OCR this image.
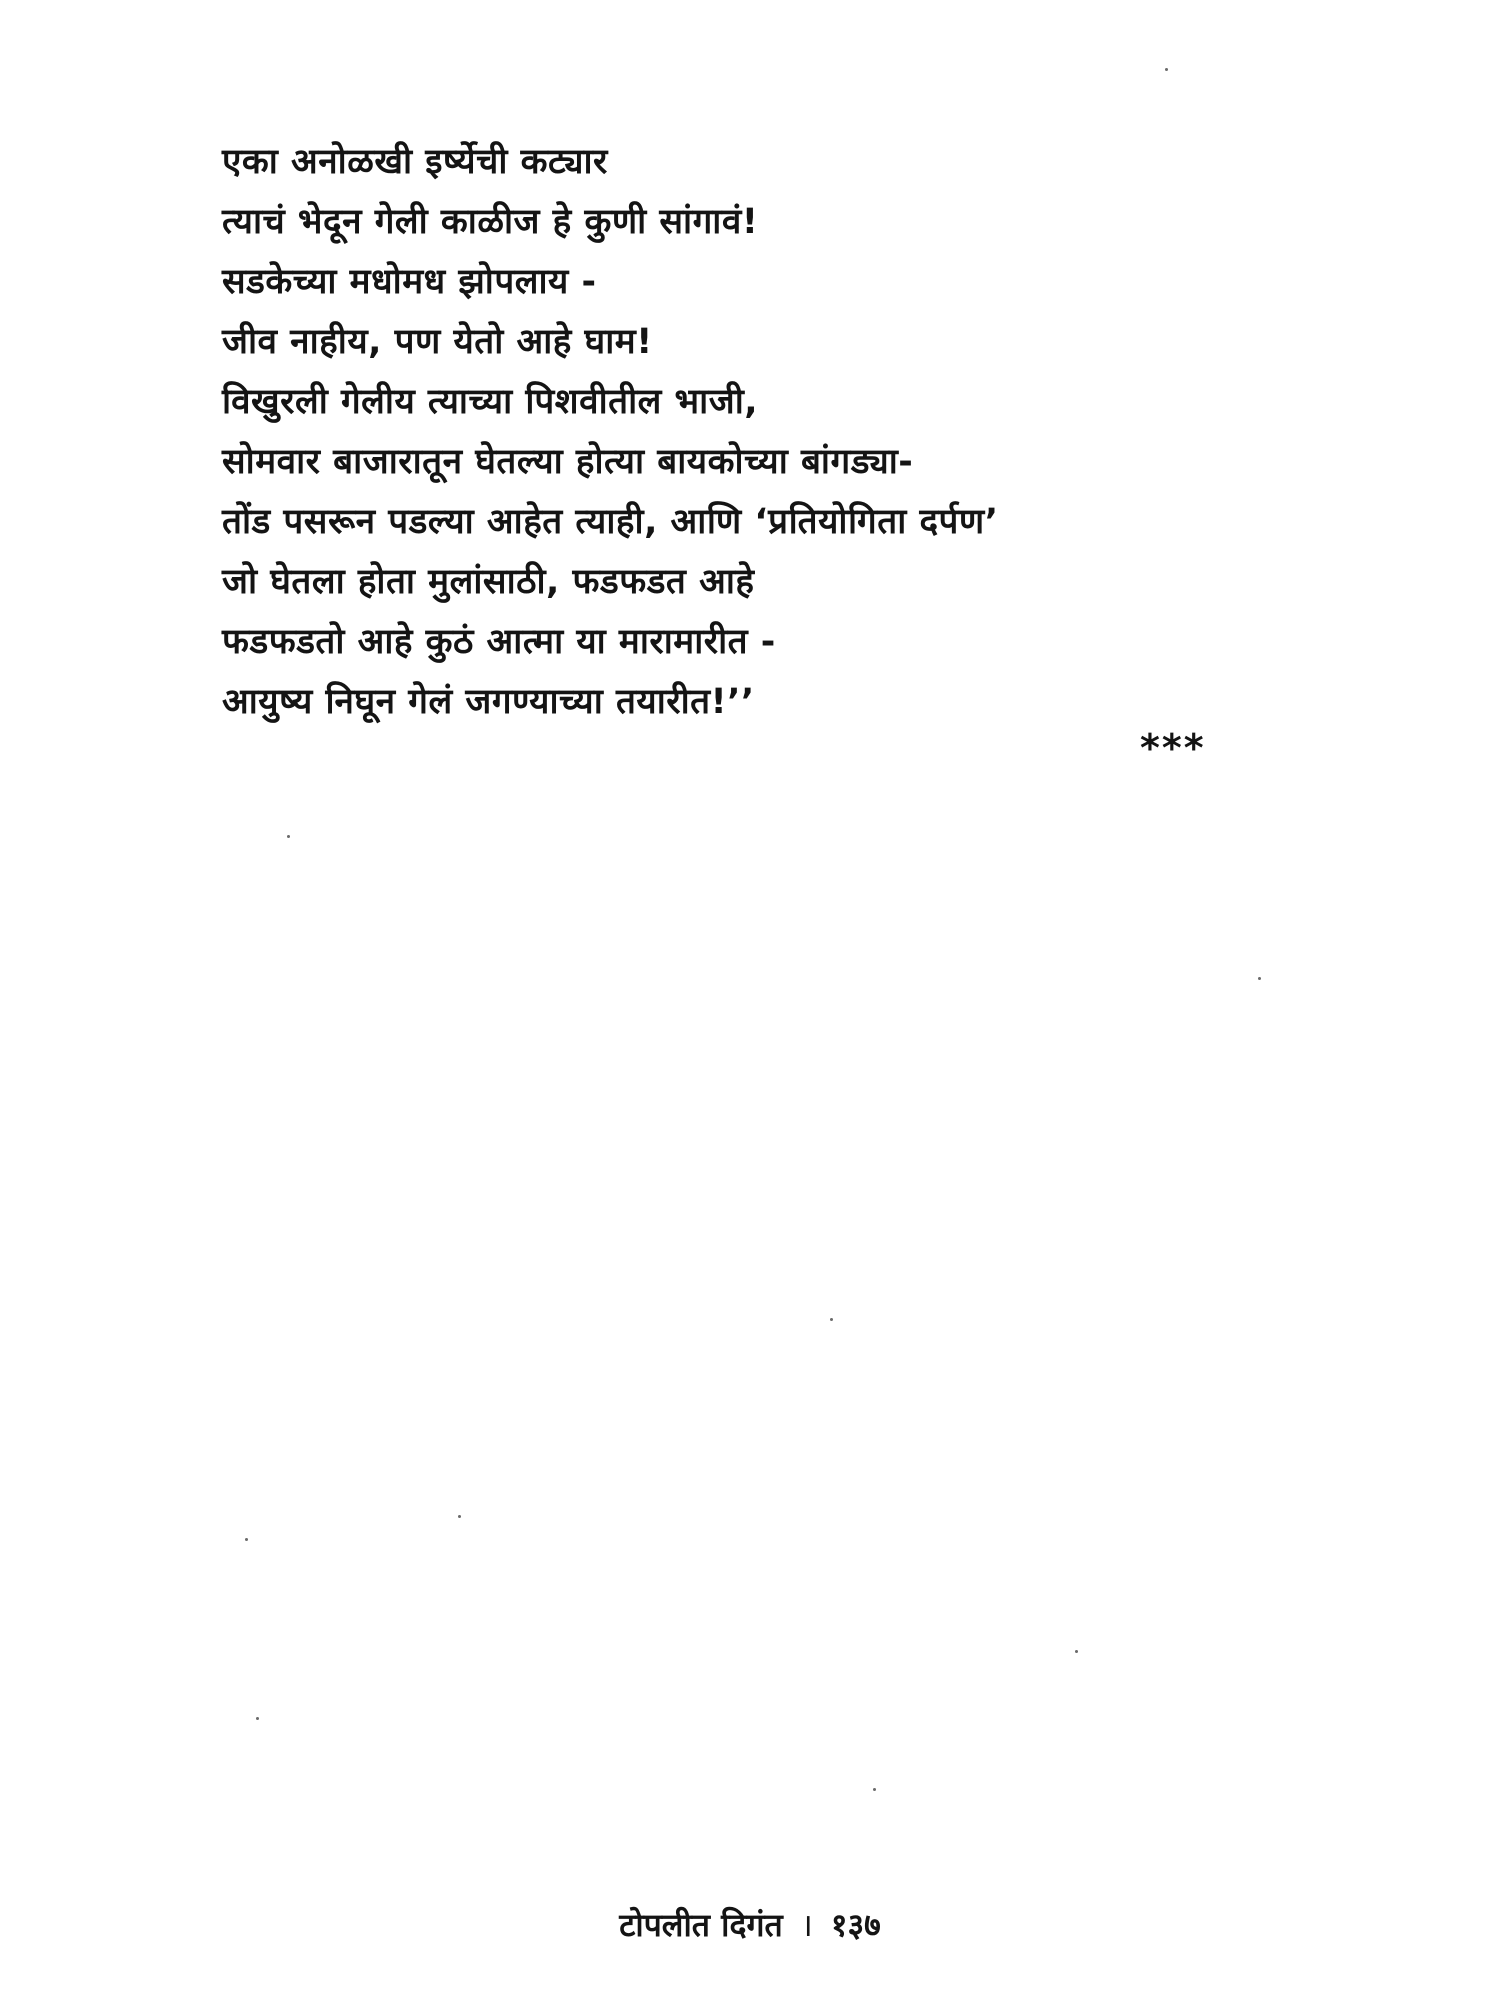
एका अनोळखी इर्ष्येची कट्यार
त्याचं भेदून गेली काळीज हे कुणी सांगावं!
सडकेच्या मधोमध झोपलाय -
जीव नाहीय, पण येतो आहे घाम!
विखुरली गेलीय त्याच्या पिशवीतील भाजी,
सोमवार बाजारातून घेतल्या होत्या बायकोच्या बांगड्या-
तोंड पसरून पडल्या आहेत त्याही, आणि ‘प्रतियोगिता दर्पण’
जो घेतला होता मुलांसाठी, फडफडत आहे
फडफडतो आहे कुठं आत्मा या मारामारीत -
आयुष्य निघून गेलं जगण्याच्या तयारीत!’’
***
टोपलीत दिगंत । १३७
